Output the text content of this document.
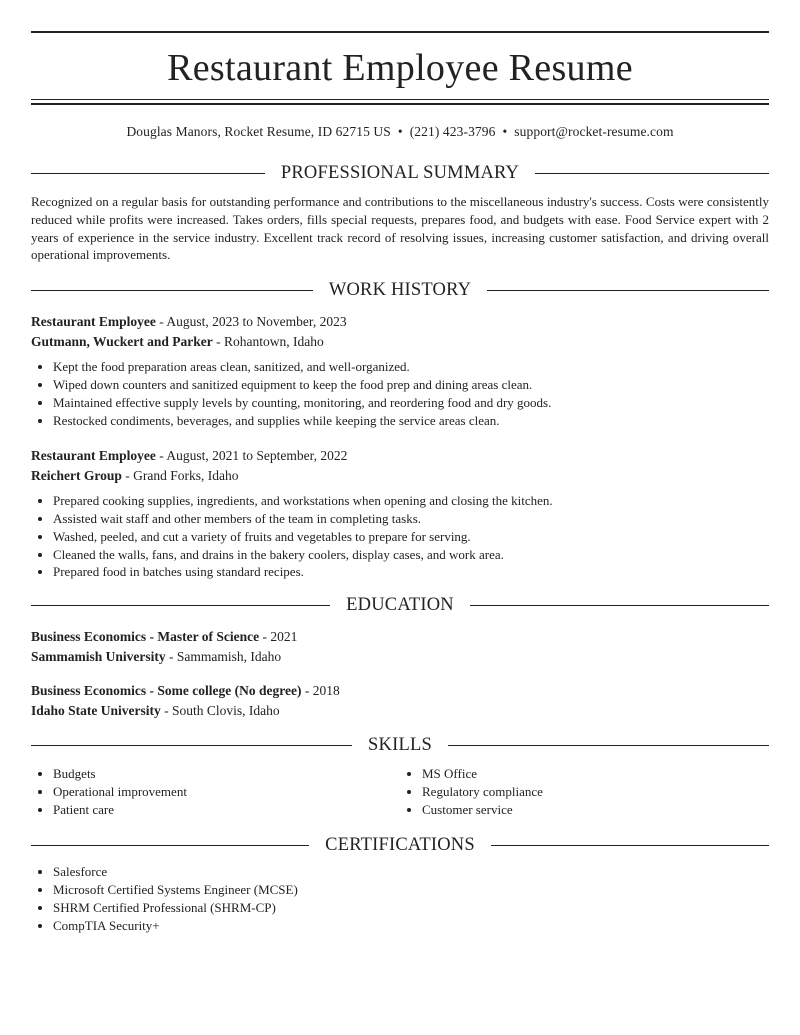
Restaurant Employee Resume
Douglas Manors, Rocket Resume, ID 62715 US • (221) 423-3796 • support@rocket-resume.com
PROFESSIONAL SUMMARY
Recognized on a regular basis for outstanding performance and contributions to the miscellaneous industry's success. Costs were consistently reduced while profits were increased. Takes orders, fills special requests, prepares food, and budgets with ease. Food Service expert with 2 years of experience in the service industry. Excellent track record of resolving issues, increasing customer satisfaction, and driving overall operational improvements.
WORK HISTORY
Restaurant Employee - August, 2023 to November, 2023
Gutmann, Wuckert and Parker - Rohantown, Idaho
• Kept the food preparation areas clean, sanitized, and well-organized.
• Wiped down counters and sanitized equipment to keep the food prep and dining areas clean.
• Maintained effective supply levels by counting, monitoring, and reordering food and dry goods.
• Restocked condiments, beverages, and supplies while keeping the service areas clean.
Restaurant Employee - August, 2021 to September, 2022
Reichert Group - Grand Forks, Idaho
• Prepared cooking supplies, ingredients, and workstations when opening and closing the kitchen.
• Assisted wait staff and other members of the team in completing tasks.
• Washed, peeled, and cut a variety of fruits and vegetables to prepare for serving.
• Cleaned the walls, fans, and drains in the bakery coolers, display cases, and work area.
• Prepared food in batches using standard recipes.
EDUCATION
Business Economics - Master of Science - 2021
Sammamish University - Sammamish, Idaho
Business Economics - Some college (No degree) - 2018
Idaho State University - South Clovis, Idaho
SKILLS
• Budgets
• Operational improvement
• Patient care
• MS Office
• Regulatory compliance
• Customer service
CERTIFICATIONS
• Salesforce
• Microsoft Certified Systems Engineer (MCSE)
• SHRM Certified Professional (SHRM-CP)
• CompTIA Security+
